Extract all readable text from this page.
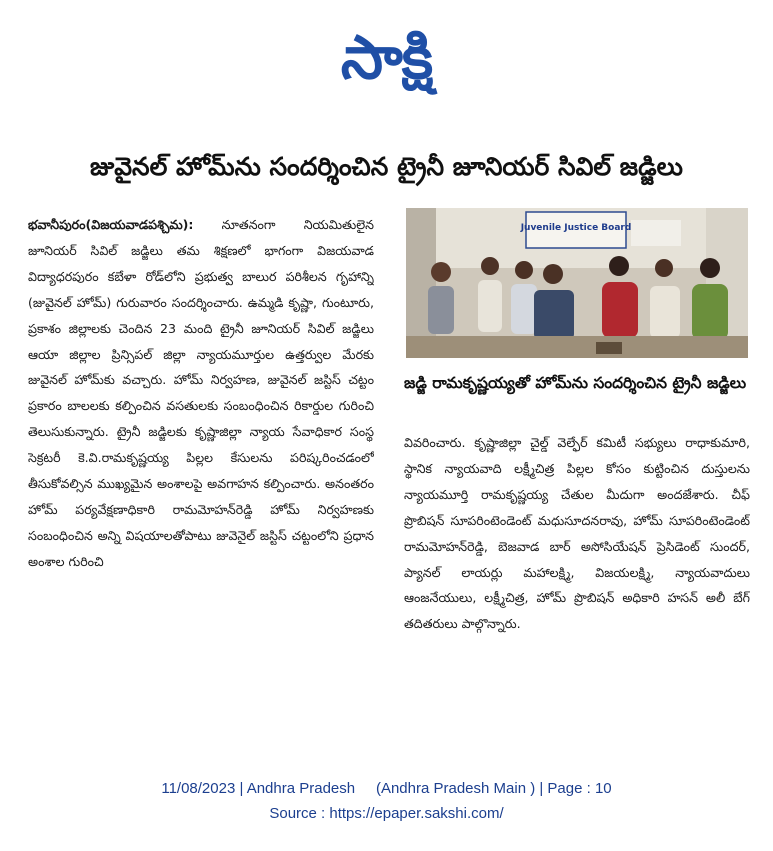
సాక్షి
జువైనల్ హోమ్‌ను సందర్శించిన ట్రైనీ జూనియర్ సివిల్ జడ్జిలు
భవానీపురం(విజయవాడపశ్చిమ): నూతనంగా నియమితులైన జూనియర్ సివిల్ జడ్జిలు తమ శిక్షణలో భాగంగా విజయవాడ విద్యాధరపురం కబేళా రోడ్‌లోని ప్రభుత్వ బాలుర పరిశీలన గృహాన్ని (జువైనల్ హోమ్) గురువారం సందర్శించారు. ఉమ్మడి కృష్ణా, గుంటూరు, ప్రకాశం జిల్లాలకు చెందిన 23 మంది ట్రైనీ జూనియర్ సివిల్ జడ్జిలు ఆయా జిల్లాల ప్రిన్సిపల్ జిల్లా న్యాయమూర్తుల ఉత్తర్వుల మేరకు జువైనల్ హోమ్‌కు వచ్చారు. హోమ్ నిర్వహణ, జువైనల్ జస్టిస్ చట్టం ప్రకారం బాలలకు కల్పించిన వసతులకు సంబంధించిన రికార్డుల గురించి తెలుసుకున్నారు. ట్రైనీ జడ్జిలకు కృష్ణాజిల్లా న్యాయ సేవాధికార సంస్థ సెక్రటరీ కె.వి.రామకృష్ణయ్య పిల్లల కేసులను పరిష్కరించడంలో తీసుకోవల్సిన ముఖ్యమైన అంశాలపై అవగాహన కల్పించారు. అనంతరం హోమ్ పర్యవేక్షణాధికారి రామమోహన్‌రెడ్డి హోమ్ నిర్వహణకు సంబంధించిన అన్ని విషయాలతోపాటు జువెనైల్ జస్టిస్ చట్టంలోని ప్రధాన అంశాల గురించి
Juvenile Justice Board
జడ్జి రామకృష్ణయ్యతో హోమ్‌ను సందర్శించిన ట్రైనీ జడ్జిలు
వివరించారు. కృష్ణాజిల్లా చైల్డ్ వెల్ఫేర్ కమిటీ సభ్యులు రాధాకుమారి, స్థానిక న్యాయవాది లక్ష్మీచిత్ర పిల్లల కోసం కుట్టించిన దుస్తులను న్యాయమూర్తి రామకృష్ణయ్య చేతుల మీదుగా అందజేశారు. చీఫ్ ప్రొబిషన్ సూపరింటెండెంట్ మధుసూదనరావు, హోమ్ సూపరింటెండెంట్ రామమోహన్‌రెడ్డి, బెజవాడ బార్ అసోసియేషన్ ప్రెసిడెంట్ సుందర్, ప్యానల్ లాయర్లు మహాలక్ష్మి, విజయలక్ష్మి, న్యాయవాదులు ఆంజనేయులు, లక్ష్మీచిత్ర, హోమ్ ప్రొబిషన్ అధికారి హసన్ అలీ బేగ్ తదితరులు పాల్గొన్నారు.
11/08/2023 | Andhra Pradesh     (Andhra Pradesh Main ) | Page : 10
Source : https://epaper.sakshi.com/
